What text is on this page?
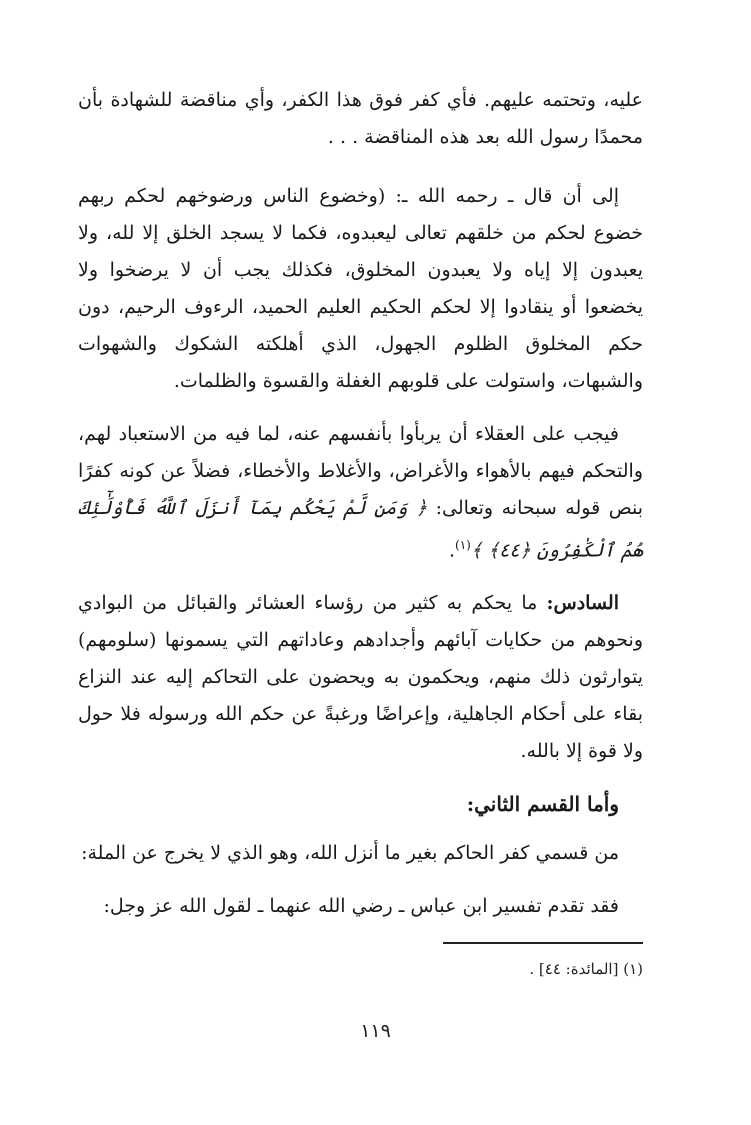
عليه، وتحتمه عليهم. فأي كفر فوق هذا الكفر، وأي مناقضة للشهادة بأن محمدًا رسول الله بعد هذه المناقضة . . .

إلى أن قال ـ رحمه الله ـ: (وخضوع الناس ورضوخهم لحكم ربهم خضوع لحكم من خلقهم تعالى ليعبدوه، فكما لا يسجد الخلق إلا لله، ولا يعبدون إلا إياه ولا يعبدون المخلوق، فكذلك يجب أن لا يرضخوا ولا يخضعوا أو ينقادوا إلا لحكم الحكيم العليم الحميد، الرءوف الرحيم، دون حكم المخلوق الظلوم الجهول، الذي أهلكته الشكوك والشهوات والشبهات، واستولت على قلوبهم الغفلة والقسوة والظلمات.

فيجب على العقلاء أن يربأوا بأنفسهم عنه، لما فيه من الاستعباد لهم، والتحكم فيهم بالأهواء والأغراض، والأغلاط والأخطاء، فضلاً عن كونه كفرًا بنص قوله سبحانه وتعالى: ﴿ وَمَن لَّمْ يَحْكُم بِمَآ أَنزَلَ ٱللَّهُ فَأُوْلَٰٓئِكَ هُمُ ٱلْكَٰفِرُونَ ﴿٤٤﴾ ﴾$^{(١)}$.

السادس: ما يحكم به كثير من رؤساء العشائر والقبائل من البوادي ونحوهم من حكايات آبائهم وأجدادهم وعاداتهم التي يسمونها (سلومهم) يتوارثون ذلك منهم، ويحكمون به ويحضون على التحاكم إليه عند النزاع بقاء على أحكام الجاهلية، وإعراضًا ورغبةً عن حكم الله ورسوله فلا حول ولا قوة إلا بالله.

وأما القسم الثاني:

من قسمي كفر الحاكم بغير ما أنزل الله، وهو الذي لا يخرج عن الملة:

فقد تقدم تفسير ابن عباس ـ رضي الله عنهما ـ لقول الله عز وجل:

(١) [المائدة: ٤٤] .
١١٩
